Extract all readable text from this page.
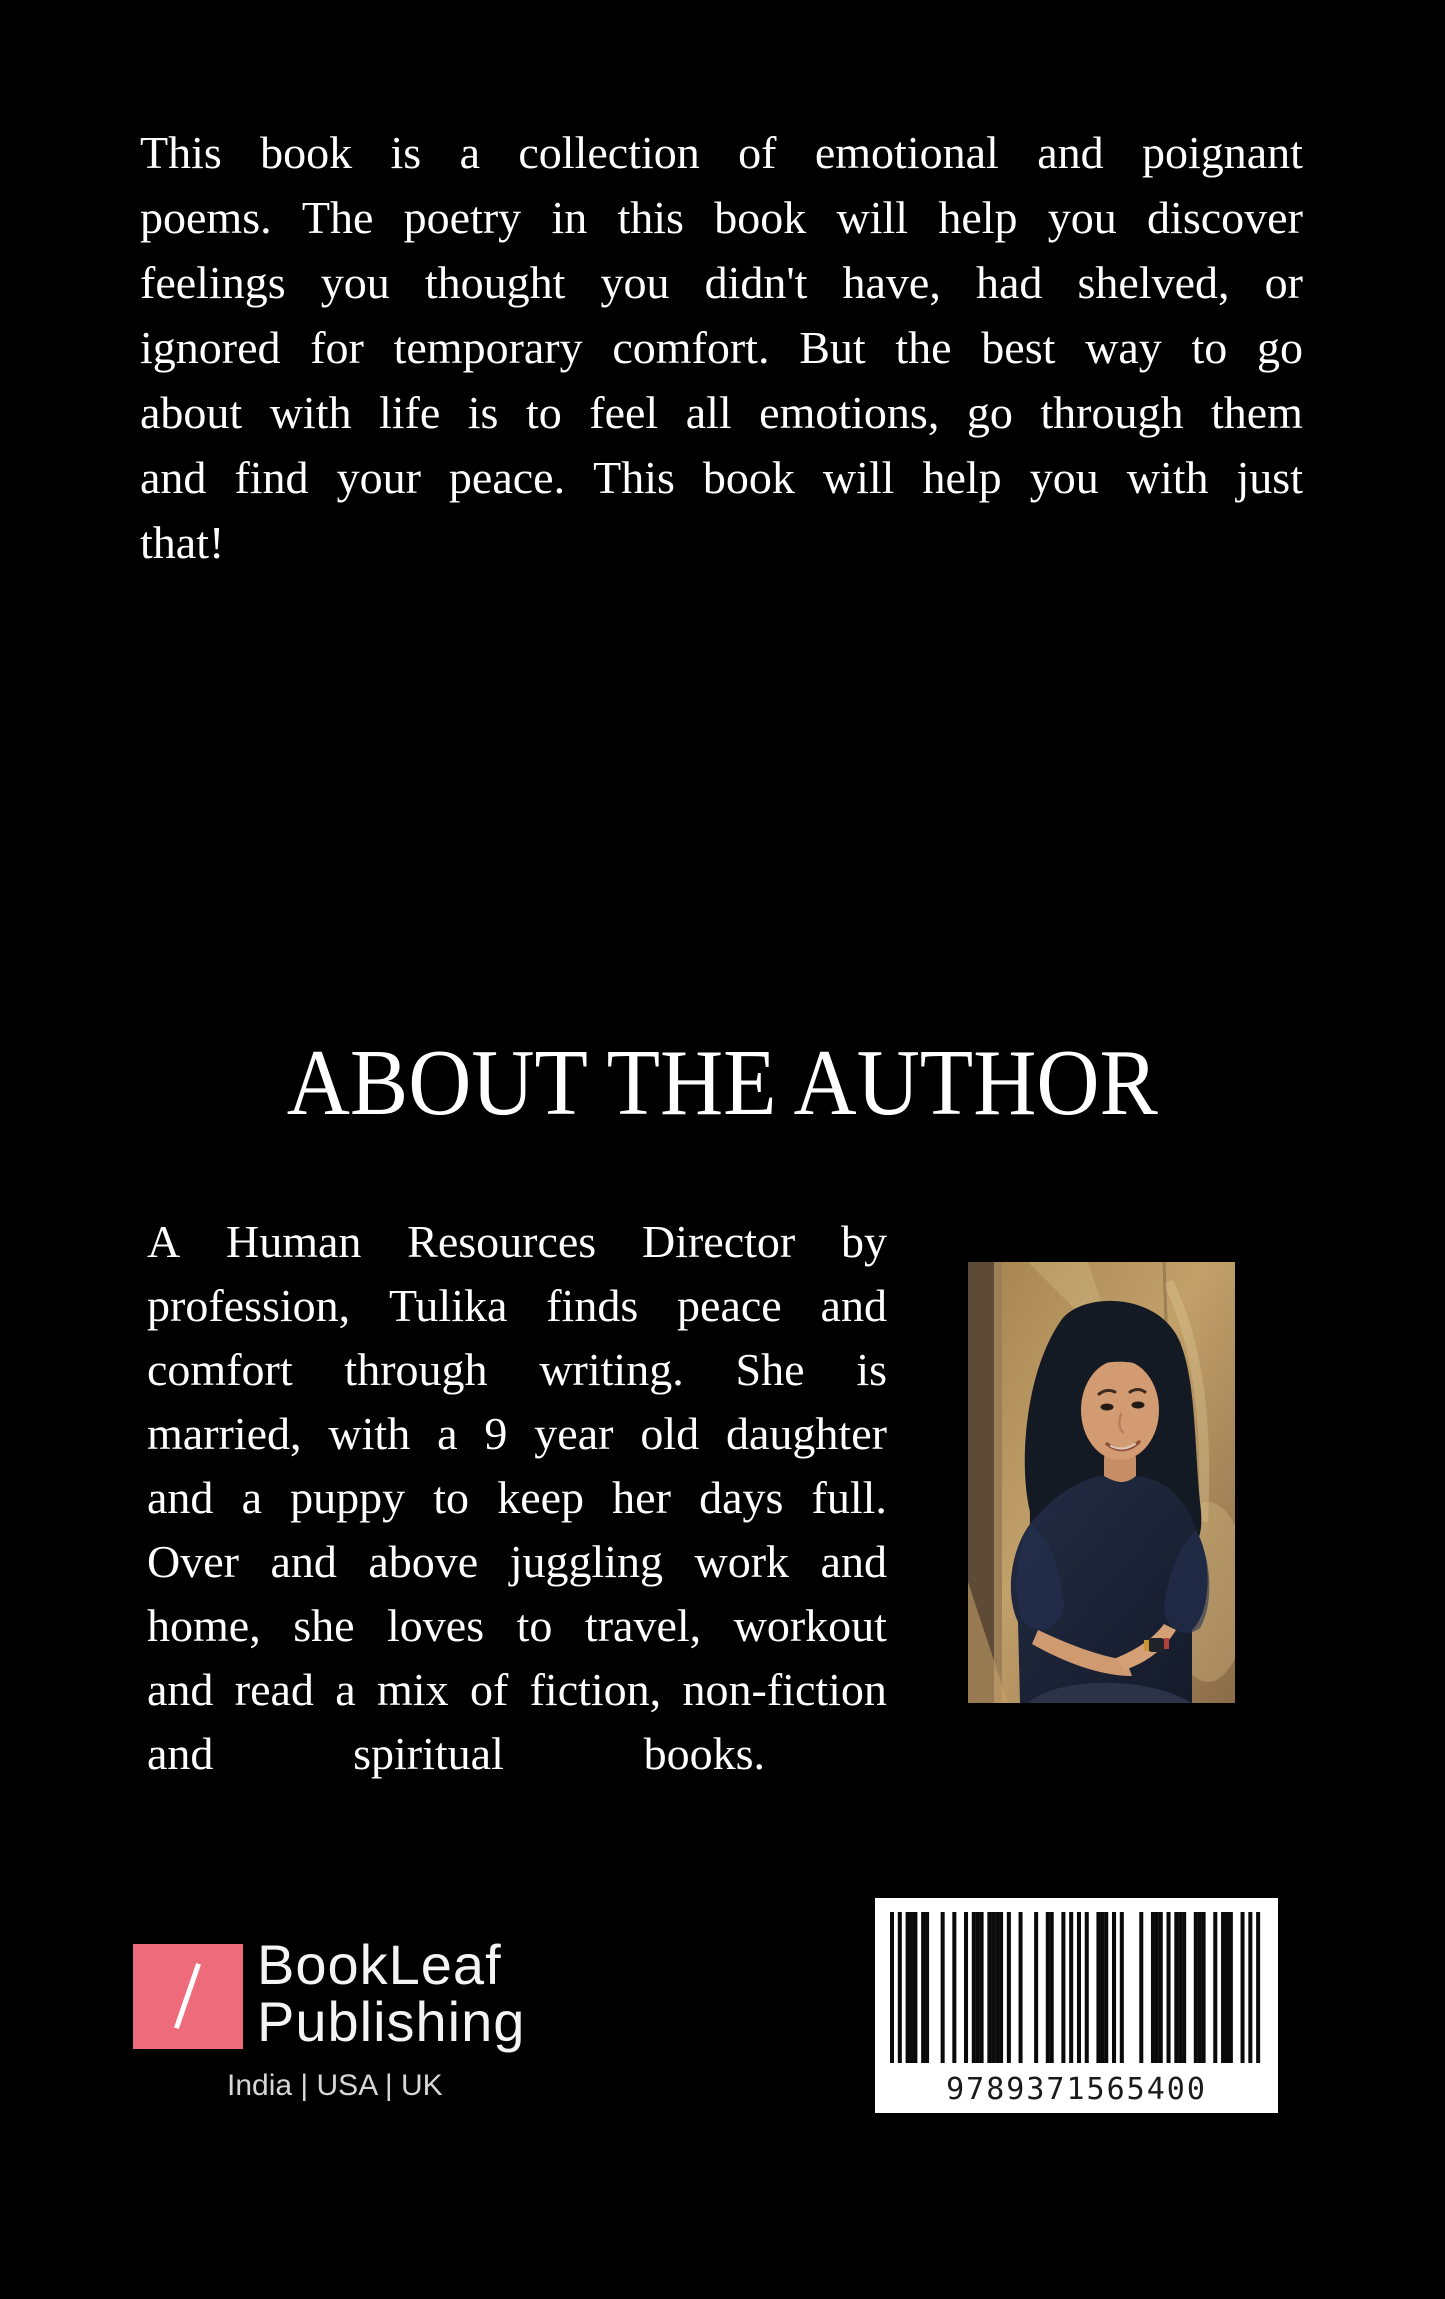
This book is a collection of emotional and poignant
poems. The poetry in this book will help you discover
feelings you thought you didn't have, had shelved, or
ignored for temporary comfort. But the best way to go
about with life is to feel all emotions, go through them
and find your peace. This book will help you with just
that!
ABOUT THE AUTHOR
A Human Resources Director by
profession, Tulika finds peace and
comfort through writing. She is
married, with a 9 year old daughter
and a puppy to keep her days full.
Over and above juggling work and
home, she loves to travel, workout
and read a mix of fiction, non-fiction
and	spiritual	books.
BookLeaf
Publishing
India | USA | UK	9789371565400
